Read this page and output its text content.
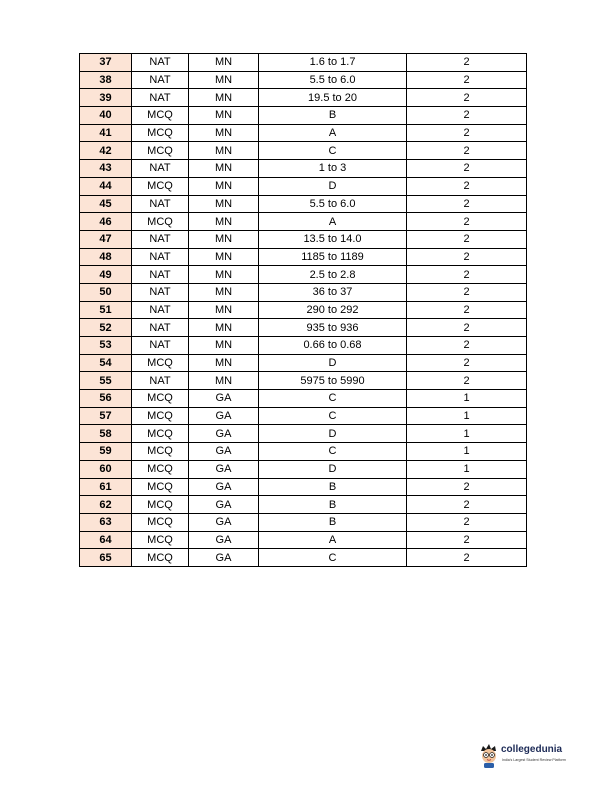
37	NAT	MN	1.6 to 1.7	2
38	NAT	MN	5.5 to 6.0	2
39	NAT	MN	19.5 to 20	2
40	MCQ	MN	B	2
41	MCQ	MN	A	2
42	MCQ	MN	C	2
43	NAT	MN	1 to 3	2
44	MCQ	MN	D	2
45	NAT	MN	5.5 to 6.0	2
46	MCQ	MN	A	2
47	NAT	MN	13.5 to 14.0	2
48	NAT	MN	1185 to 1189	2
49	NAT	MN	2.5 to 2.8	2
50	NAT	MN	36 to 37	2
51	NAT	MN	290 to 292	2
52	NAT	MN	935 to 936	2
53	NAT	MN	0.66 to 0.68	2
54	MCQ	MN	D	2
55	NAT	MN	5975 to 5990	2
56	MCQ	GA	C	1
57	MCQ	GA	C	1
58	MCQ	GA	D	1
59	MCQ	GA	C	1
60	MCQ	GA	D	1
61	MCQ	GA	B	2
62	MCQ	GA	B	2
63	MCQ	GA	B	2
64	MCQ	GA	A	2
65	MCQ	GA	C	2
collegedunia
India's Largest Student Review Platform
